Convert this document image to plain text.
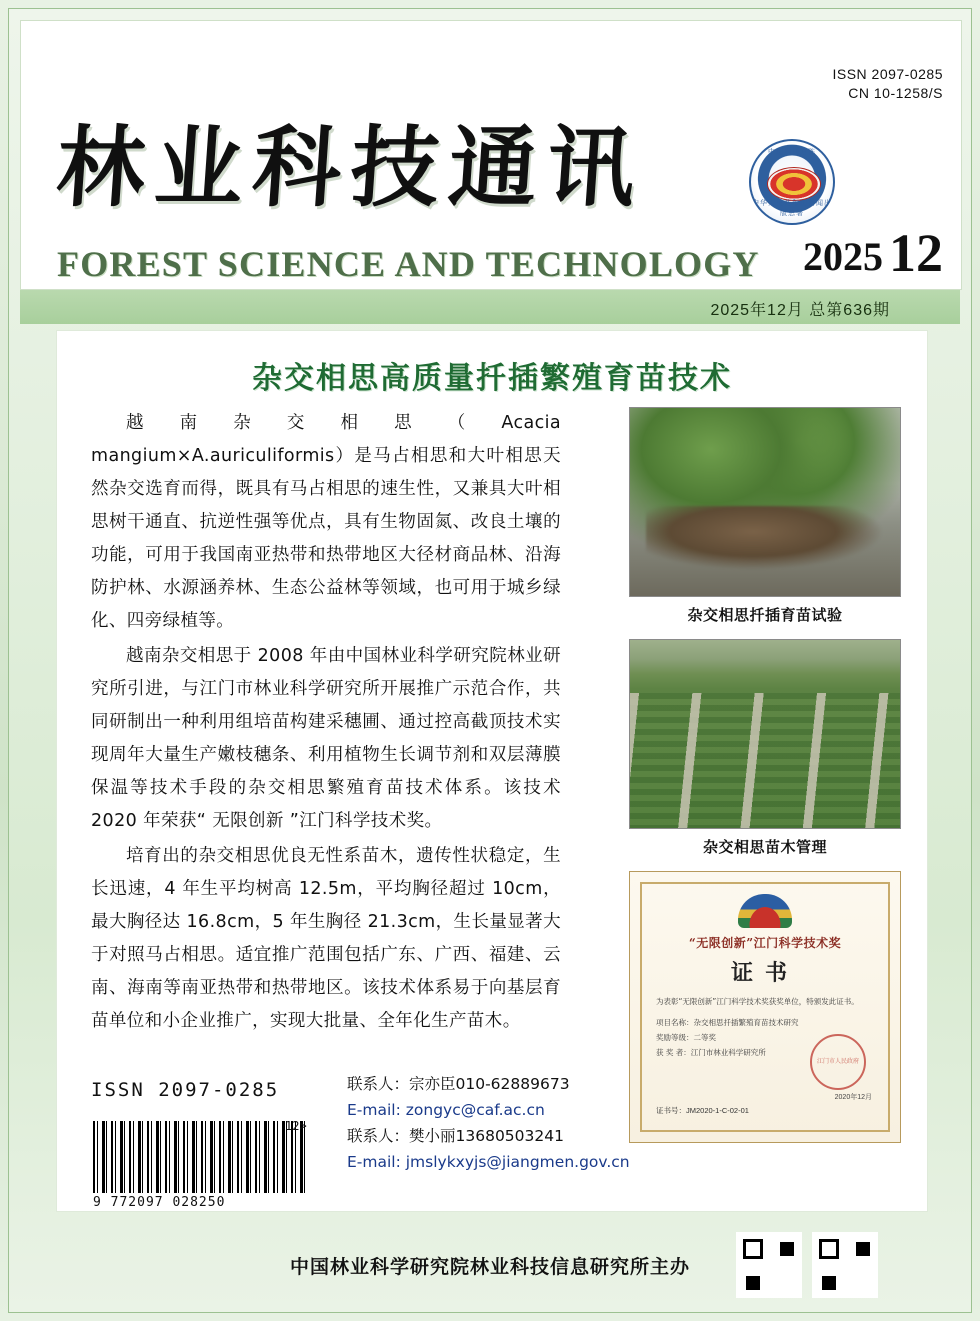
ISSN 2097-0285
CN 10-1258/S
林业科技通讯	中国期刊方阵
中华人民共和国新闻出版总署
FOREST SCIENCE AND TECHNOLOGY 2025 12
2025年12月 总第636期
杂交相思高质量扦插繁殖育苗技术

越南杂交相思（Acacia mangium×A.auriculiformis）是马占相思和大叶相思天然杂交选育而得，既具有马占相思的速生性，又兼具大叶相思树干通直、抗逆性强等优点，具有生物固氮、改良土壤的功能，可用于我国南亚热带和热带地区大径材商品林、沿海防护林、水源涵养林、生态公益林等领域，也可用于城乡绿化、四旁绿植等。

越南杂交相思于 2008 年由中国林业科学研究院林业研究所引进，与江门市林业科学研究所开展推广示范合作，共同研制出一种利用组培苗构建采穗圃、通过控高截顶技术实现周年大量生产嫩枝穗条、利用植物生长调节剂和双层薄膜保温等技术手段的杂交相思繁殖育苗技术体系。该技术 2020 年荣获“ 无限创新 ”江门科学技术奖。

培育出的杂交相思优良无性系苗木，遗传性状稳定，生长迅速，4 年生平均树高 12.5m，平均胸径超过 10cm，最大胸径达 16.8cm，5 年生胸径 21.3cm，生长量显著大于对照马占相思。适宜推广范围包括广东、广西、福建、云南、海南等南亚热带和热带地区。该技术体系易于向基层育苗单位和小企业推广，实现大批量、全年化生产苗木。

杂交相思扦插育苗试验
杂交相思苗木管理
“无限创新”江门科学技术奖
证书
为表彰“无限创新”江门科学技术奖获奖单位，特颁发此证书。
项目名称：杂交相思扦插繁殖育苗技术研究
奖励等级：二等奖
获 奖 者：江门市林业科学研究所
江门市人民政府
2020年12月
证书号：JM2020-1-C-02-01
ISSN 2097-0285	联系人：宗亦臣010-62889673
E-mail: zongyc@caf.ac.cn
联系人：樊小丽13680503241
E-mail: jmslykxyjs@jiangmen.gov.cn
12>
9 772097 028250
中国林业科学研究院林业科技信息研究所主办
